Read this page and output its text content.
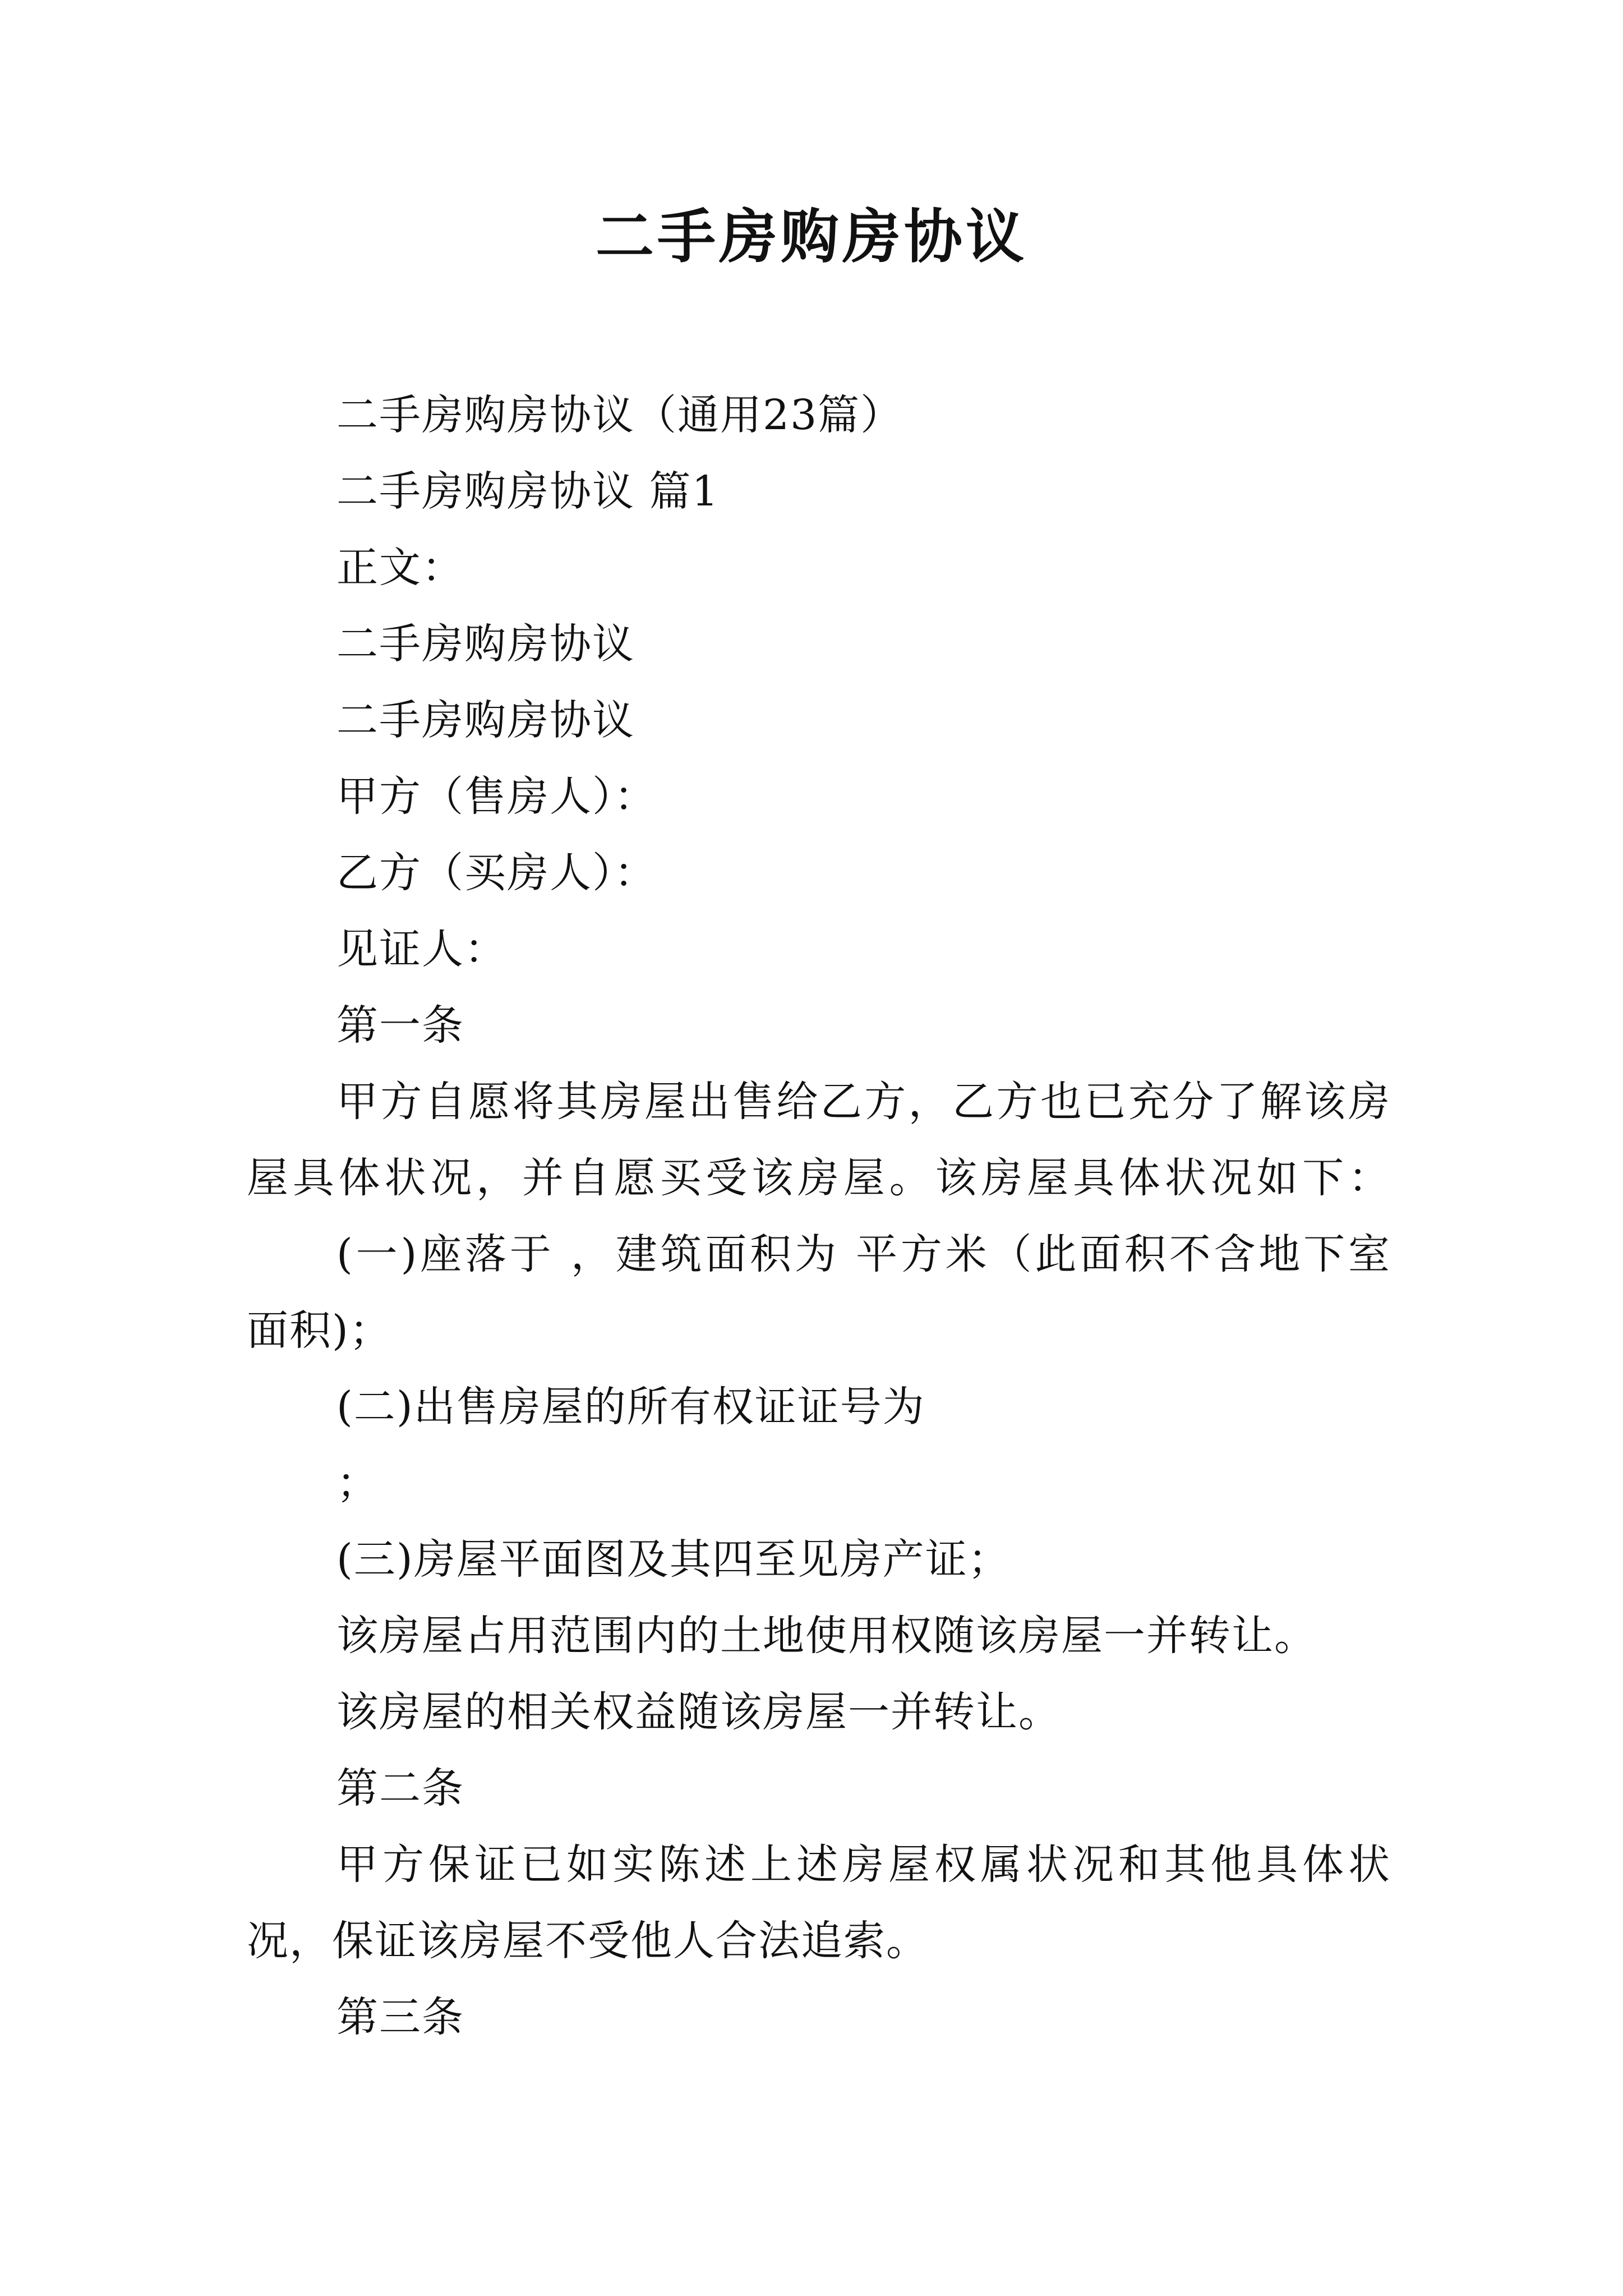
二手房购房协议
二手房购房协议（通用23篇）
二手房购房协议 篇1
正文：
二手房购房协议
二手房购房协议
甲方（售房人）：
乙方（买房人）：
见证人：
第一条
甲方自愿将其房屋出售给乙方，乙方也已充分了解该房
屋具体状况，并自愿买受该房屋。该房屋具体状况如下：
(一)座落于 ，建筑面积为 平方米（此面积不含地下室
面积)；
(二)出售房屋的所有权证证号为
；
(三)房屋平面图及其四至见房产证；
该房屋占用范围内的土地使用权随该房屋一并转让。
该房屋的相关权益随该房屋一并转让。
第二条
甲方保证已如实陈述上述房屋权属状况和其他具体状
况，保证该房屋不受他人合法追索。
第三条
